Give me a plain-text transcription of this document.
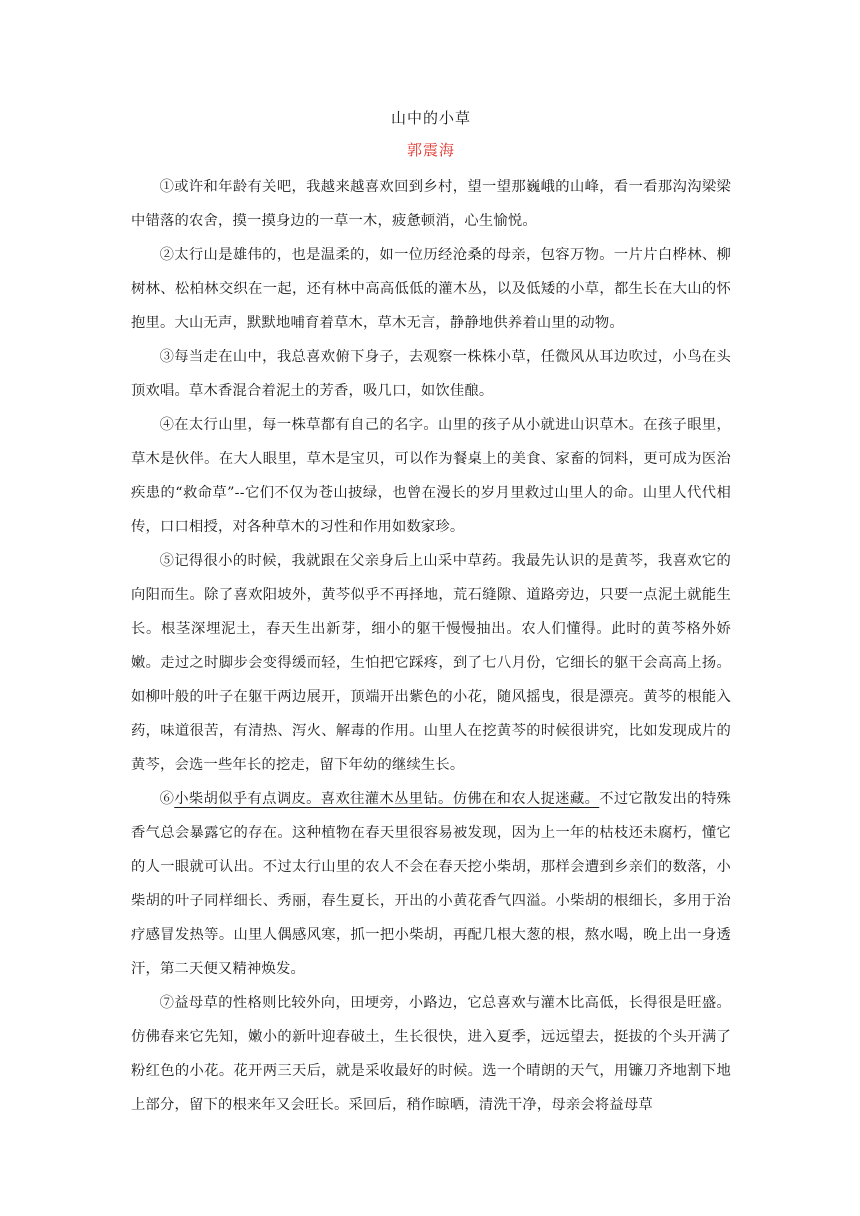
山中的小草
郭震海

①或许和年龄有关吧，我越来越喜欢回到乡村，望一望那巍峨的山峰，看一看那沟沟梁梁中错落的农舍，摸一摸身边的一草一木，疲惫顿消，心生愉悦。

②太行山是雄伟的，也是温柔的，如一位历经沧桑的母亲，包容万物。一片片白桦林、柳树林、松柏林交织在一起，还有林中高高低低的灌木丛，以及低矮的小草，都生长在大山的怀抱里。大山无声，默默地哺育着草木，草木无言，静静地供养着山里的动物。

③每当走在山中，我总喜欢俯下身子，去观察一株株小草，任微风从耳边吹过，小鸟在头顶欢唱。草木香混合着泥土的芳香，吸几口，如饮佳酿。

④在太行山里，每一株草都有自己的名字。山里的孩子从小就进山识草木。在孩子眼里，草木是伙伴。在大人眼里，草木是宝贝，可以作为餐桌上的美食、家畜的饲料，更可成为医治疾患的“救命草”--它们不仅为苍山披绿，也曾在漫长的岁月里救过山里人的命。山里人代代相传，口口相授，对各种草木的习性和作用如数家珍。

⑤记得很小的时候，我就跟在父亲身后上山采中草药。我最先认识的是黄芩，我喜欢它的向阳而生。除了喜欢阳坡外，黄芩似乎不再择地，荒石缝隙、道路旁边，只要一点泥土就能生长。根茎深埋泥土，春天生出新芽，细小的躯干慢慢抽出。农人们懂得。此时的黄芩格外娇嫩。走过之时脚步会变得缓而轻，生怕把它踩疼，到了七八月份，它细长的躯干会高高上扬。如柳叶般的叶子在躯干两边展开，顶端开出紫色的小花，随风摇曳，很是漂亮。黄芩的根能入药，味道很苦，有清热、泻火、解毒的作用。山里人在挖黄芩的时候很讲究，比如发现成片的黄芩，会选一些年长的挖走，留下年幼的继续生长。

⑥小柴胡似乎有点调皮。喜欢往灌木丛里钻。仿佛在和农人捉迷藏。不过它散发出的特殊香气总会暴露它的存在。这种植物在春天里很容易被发现，因为上一年的枯枝还未腐朽，懂它的人一眼就可认出。不过太行山里的农人不会在春天挖小柴胡，那样会遭到乡亲们的数落，小柴胡的叶子同样细长、秀丽，春生夏长，开出的小黄花香气四溢。小柴胡的根细长，多用于治疗感冒发热等。山里人偶感风寒，抓一把小柴胡，再配几根大葱的根，熬水喝，晚上出一身透汗，第二天便又精神焕发。

⑦益母草的性格则比较外向，田埂旁，小路边，它总喜欢与灌木比高低，长得很是旺盛。仿佛春来它先知，嫩小的新叶迎春破土，生长很快，进入夏季，远远望去，挺拔的个头开满了粉红色的小花。花开两三天后，就是采收最好的时候。选一个晴朗的天气，用镰刀齐地割下地上部分，留下的根来年又会旺长。采回后，稍作晾晒，清洗干净，母亲会将益母草
